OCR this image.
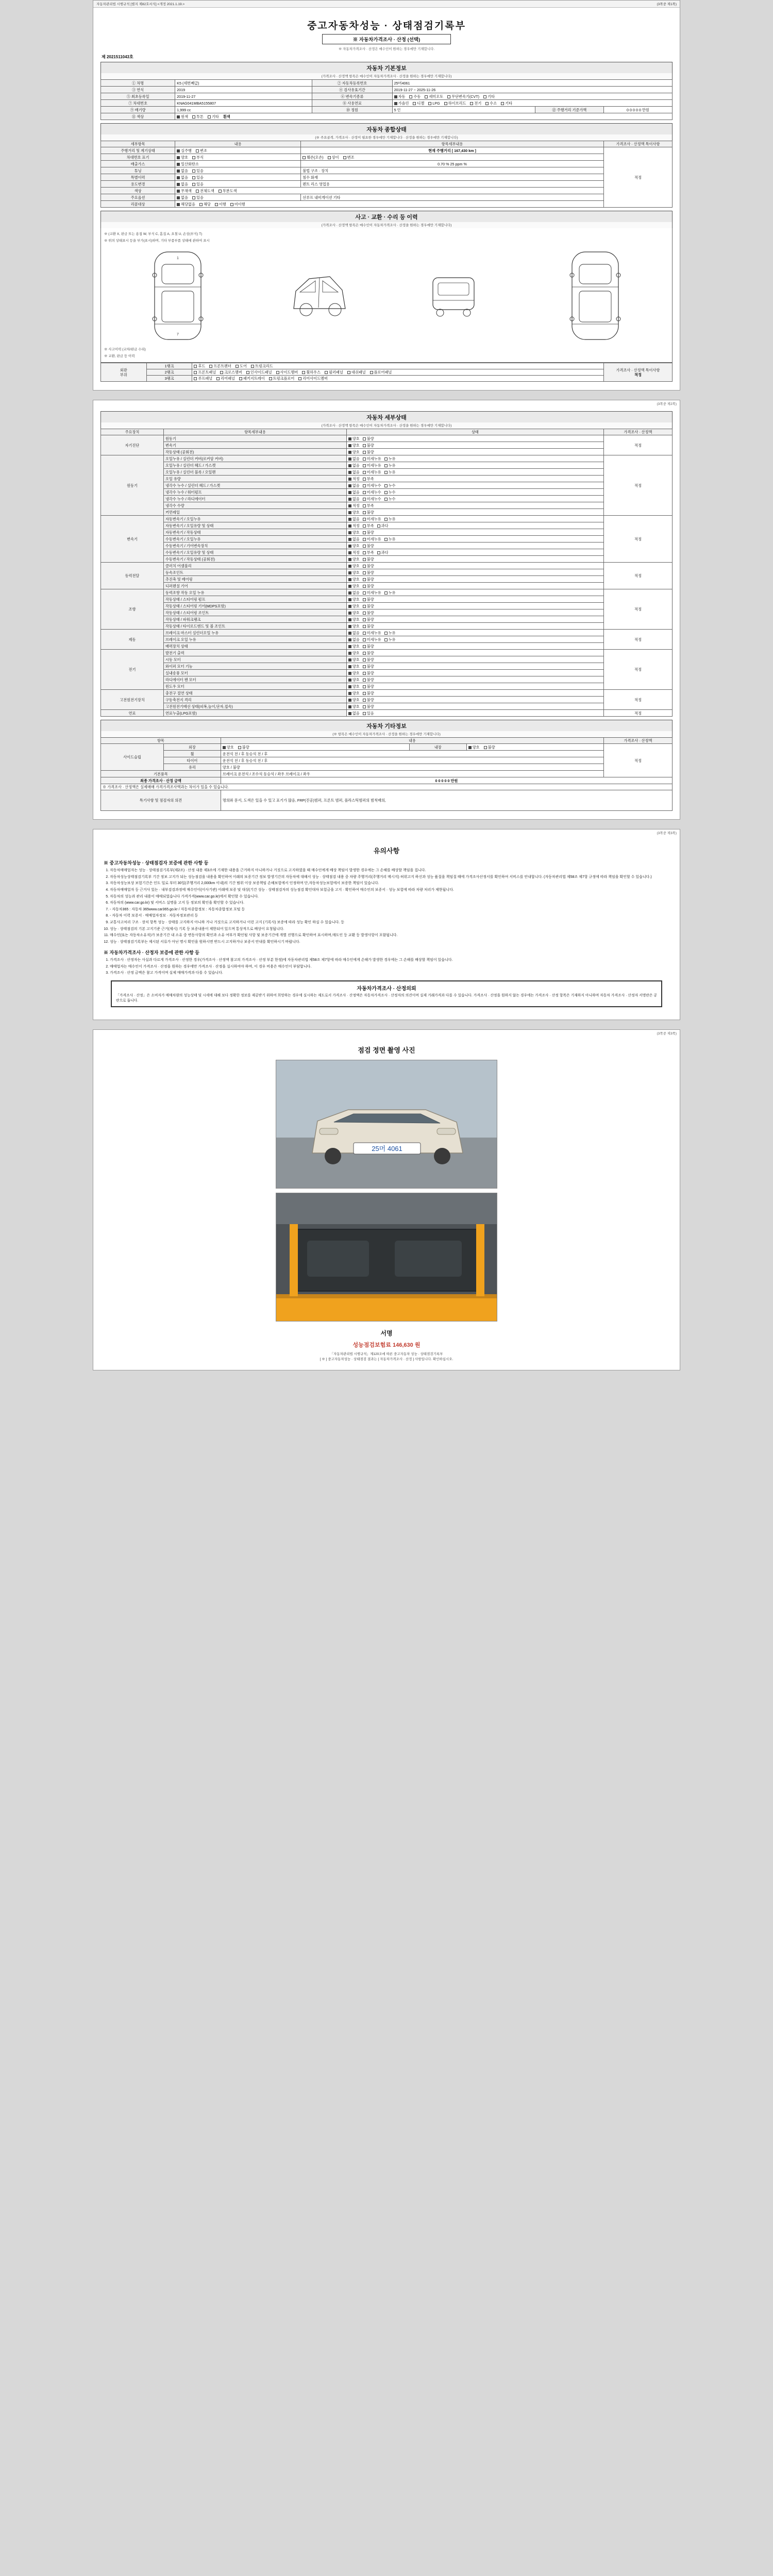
자동차관리법 시행규칙 [별지 제82호서식] <개정 2021.1.19.>	(3쪽중 제1쪽)
중고자동차성능 · 상태점검기록부
※ 자동차가격조사 · 산정 (선택)
※ 자동차가격조사 · 산정은 매수인이 원하는 경우에만 기재합니다.
제 2021511043호
자동차 기본정보
(가격조사 · 산정액 항목은 매수인이 자동차가격조사 · 산정을 원하는 경우에만 기재합니다)
① 차명	K5 (세번째급)	② 자동차등록번호	25머4061		
③ 연식	2019	④ 검사유효기간	2019-11-27 ~ 2025-11-26		
⑤ 최초등록일	2019-11-27	⑥ 변속기종류	자동 수동 세미오토 무단변속기(CVT) 기타		
⑦ 차대번호	KNAG041MBA5155807	⑧ 사용연료	가솔린 디젤 LPG 하이브리드 전기 수소 기타		
⑨ 배기량	1,999 cc	⑩ 정원	5 인	⑫ 주행거리 기준가액	0 0 0 0 0 만원
⑪ 색상	원색 투톤 기타 흰색				
자동차 종합상태
(※ 주요골격, 가격조사 · 산정이 필요한 경우에만 기재합니다 · 산정을 원하는 경우에만 기재합니다)
세부항목	내용	항목세부내용	가격조사 · 산정액 특이사항
주행거리 및 계기상태	실주행 변조	현재 주행거리 [ 167,430 km ]	적정
차대번호 표기	양호 부식	훼손(오손) 상이 변조	
배출가스	일산화탄소	0.70 % 25 ppm %	
튜닝	없음 있음	불법 구조 · 장치	
특별이력	없음 있음	침수 화재	
용도변경	없음 있음	렌트 리스 영업용	
색상	무채색 전체도색 부분도색		
주요옵션	없음 있음	선루프 내비게이션 기타	
리콜대상	해당없음 해당 이행 미이행		
사고 · 교환 · 수리 등 이력
(가격조사 · 산정액 항목은 매수인이 자동차가격조사 · 산정을 원하는 경우에만 기재합니다)
※ (교환 X, 판금 또는 용접 W, 부식 C, 흠집 A, 요철 U, 손상(부식) T)
※ 위의 상태표시 등을 부가(표시)하며, 기타 부품부품 상태에 관하여 표시
1
7
※ 사고이력 (교차/판금 수리)
※ 교환, 판금 등 이력
외판
부위	1랭크	후드 프론트펜더 도어 트렁크리드	
가격조사 · 산정액 특이사항
적정

	2랭크	프론트패널 크로스멤버 인사이드패널 사이드멤버 휠하우스 필러패널 대쉬패널 플로어패널	
	3랭크	루프패널 리어패널 패키지트레이 트렁크플로어 리어사이드멤버	
(3쪽중 제2쪽)
자동차 세부상태
(가격조사 · 산정액 항목은 매수인이 자동차가격조사 · 산정을 원하는 경우에만 기재합니다)
주요장치	항목세부내용	상태	가격조사 · 산정액
자기진단	원동기	양호 불량	적정
	변속기	양호 불량	
	작동상태 (공회전)	양호 불량	
원동기	오일누유 / 실린더 커버(로커암 커버)	없음 미세누유 누유	적정
	오일누유 / 실린더 헤드 / 가스켓	없음 미세누유 누유	
	오일누유 / 실린더 블록 / 오일팬	없음 미세누유 누유	
	오일 유량	적정 부족	
	냉각수 누수 / 실린더 헤드 / 가스켓	없음 미세누수 누수	
	냉각수 누수 / 워터펌프	없음 미세누수 누수	
	냉각수 누수 / 라디에이터	없음 미세누수 누수	
	냉각수 수량	적정 부족	
	커먼레일	양호 불량	
변속기	자동변속기 / 오일누유	없음 미세누유 누유	적정
	자동변속기 / 오일유량 및 상태	적정 부족 과다	
	자동변속기 / 작동상태	양호 불량	
	수동변속기 / 오일누유	없음 미세누유 누유	
	수동변속기 / 기어변속장치	양호 불량	
	수동변속기 / 오일유량 및 상태	적정 부족 과다	
	수동변속기 / 작동상태 (공회전)	양호 불량	
동력전달	클러치 어셈블리	양호 불량	적정
	등속조인트	양호 불량	
	추진축 및 베어링	양호 불량	
	디퍼렌셜 기어	양호 불량	
조향	동력조향 작동 오일 누유	없음 미세누유 누유	적정
	작동상태 / 스티어링 펌프	양호 불량	
	작동상태 / 스티어링 기어(MDPS포함)	양호 불량	
	작동상태 / 스티어링 조인트	양호 불량	
	작동상태 / 파워크랭크	양호 불량	
	작동상태 / 타이로드엔드 및 볼 조인트	양호 불량	
제동	브레이크 마스터 실린더오일 누유	없음 미세누유 누유	적정
	브레이크 오일 누유	없음 미세누유 누유	
	배력장치 상태	양호 불량	
전기	발전기 출력	양호 불량	적정
	시동 모터	양호 불량	
	와이퍼 모터 기능	양호 불량	
	실내송풍 모터	양호 불량	
	라디에이터 팬 모터	양호 불량	
	윈도우 모터	양호 불량	
고전원전기장치	충전구 절연 상태	양호 불량	적정
	구동축전지 격리	양호 불량	
	고전원전기배선 상태(피복,높이,단자,접속)	양호 불량	
연료	연료누출(LPG포함)	없음 있음	적정
자동차 기타정보
(※ 항목은 매수인이 자동차가격조사 · 산정을 원하는 경우에만 기재합니다)
항목		내용			가격조사 · 산정액
사이드슬립	외장	양호 불량	내장	양호 불량	적정
	휠	운전석 전 / 후 동승석 전 / 후			
	타이어	운전석 전 / 후 동승석 전 / 후			
	유리	양호 / 불량			
기본품목		브레이크 운전석 / 조수석 동승석 / 좌우 브레이크 / 좌우			
최종 가격조사 · 산정 금액		0 0 0 0 0 만원			
※ 가격조사 · 산정액은 실제매매 가격가격조사액과는 차이가 있을 수 있습니다.					
특기사항 및 점검자의 의견		명의와 문서, 도색은 있을 수 있고 표기가 많음, FRP(진공)범퍼, 프론트 범퍼, 플라스틱범퍼의 범칙배의,			
(3쪽중 제3쪽)
유의사항
※ 중고자동차성능 · 상태점검자 보증에 관한 사항 등
1. 자동차매매업자는 성능 · 상태점검기록부(제2조) · 산정 내용 제3조에 기재한 내용을 근거하지 아니하거나 거짓으로 고지하였을 때 매수인에게 배상 책임이 발생한 경우에는 그 손해를 배상할 책임을 집니다.
2. 자동차성능상태점검기록부 기간 정보 고지가 되는 성능점검을 내용을 확인하여 이래의 보증기간 정보 발생기간의 자동차에 대해서 성능 · 상태점검 내용 중 차량 주행거리(주행거리 메시지) 허위고지 하신과 성능 품질을 책임질 때에 가격조사산정서를 확인하여 서비스를 안내합니다. (자동차관리법 제58조 제7항 규정에 따라 책임을 확인할 수 있습니다.)
3. 자동차성능보상 보험기간은 인도 일로 부터 30일(주행거리 2,000km 이내)의 기간 범위 이상 보증책임 손해보험에서 인정하며 단,자동차성능보험에서 보증한 책임이 있습니다.
4. 자동차매매업자 등 근거사 있는 · 내부검검과정에 매수인이(이사기관) 이래에 보증 및 대상(기간 성능 · 상태점검자의 성능점검 확인대차 보험금을 고지 · 확인하여 매수인의 보증서 · 성능 보험에 따라 차량 처리가 제한됩니다.
5. 자동차의 성능과 관리 내용이 매매되었습니다 가격가격(www.car.go.kr)에서 확인할 수 있습니다.
6. 자동차의 (www.car.go.kr) 및 서비스 실명을 고지 등 정보의 확인을 확인할 수 있습니다.
7. - 자동차365 : 자동차 365www.car365.go.kr / 자동차종합정보 : 자동차종합정보 포털 등
8. - 자동차 이력 보증서 · 매매업자정보 · 자동차정보관리 등
9. 교통사고처리 구조 · 장치 항목 성능 · 상태를 고지하지 아니하 거나 거짓으로 고지하거나 이런 고지 (기록사) 보증에 따라 성능 확인 하실 수 있습니다. 등
10. 성능 · 상태점검의 기본 고지기준 근거(제시) 기록 등 보증내용이 제한되어 있으며 통상적으로 배상이 요청됩니다.
11. 매수인(또는 자동차소유자)가 보증기간 내 소유 중 변동사항의 확인과 소유 여부가 확인될 사항 및 보증기간에 개별 진행으로 확인하여 표시하며,매도인 등 교환 등 발생사항이 포함됩니다.
12. 성능 · 상태점검기록부는 제시된 서류가 아닌 명시 확인을 원하시면 반드시 고지하거나 보증서 안내를 확인하시기 바랍니다.
※ 자동차가격조사 · 산정자 보증에 관한 사항 등
1. 가격조사 · 산정자는 사실과 다르게 가격조사 · 산정한 경우(가격조사 · 산정액 참고의 가격조사 · 산정 부분 한정)에 자동차관리법 제58조 제7항에 따라 매수인에게 손해가 발생한 경우에는 그 손해를 배상할 책임이 있습니다.
2. 매매업자는 매수인이 가격조사 · 산정을 원하는 경우에만 가격조사 · 산정을 실시하여야 하며, 이 경우 비용은 매수인이 부담합니다.
3. 가격조사 · 산정 금액은 참고 가격이며 실제 매매가격과 다를 수 있습니다.
자동차가격조사 · 산정의뢰

「가격조사 · 산정」은 소비자가 매매차량의 성능상태 및 시세에 대해 보다 정확한 정보를 제공받기 위하여 희망하는 경우에 실시하는 제도로서 가격조사 · 산정액은 자동차가격조사 · 산정자의 의견이며 실제 거래가격과 다를 수 있습니다. 가격조사 · 산정을 원하지 않는 경우에는 가격조사 · 산정 항목은 기재하지 아니하며 자동차 가격조사 · 산정자 서명란은 공란으로 둡니다.

(3쪽중 제3쪽)
점검 정면 촬영 사진
25머 4061
서명
성능점검보험료 146,630 원
「자동차관리법 시행규칙」제120조에 따른 중고자동차 성능 · 상태점검기록부
[ ※ ] 중고자동차성능 · 상태점검 결과는 [ 자동차가격조사 · 산정 ] 사항입니다. 확인하십시오.
